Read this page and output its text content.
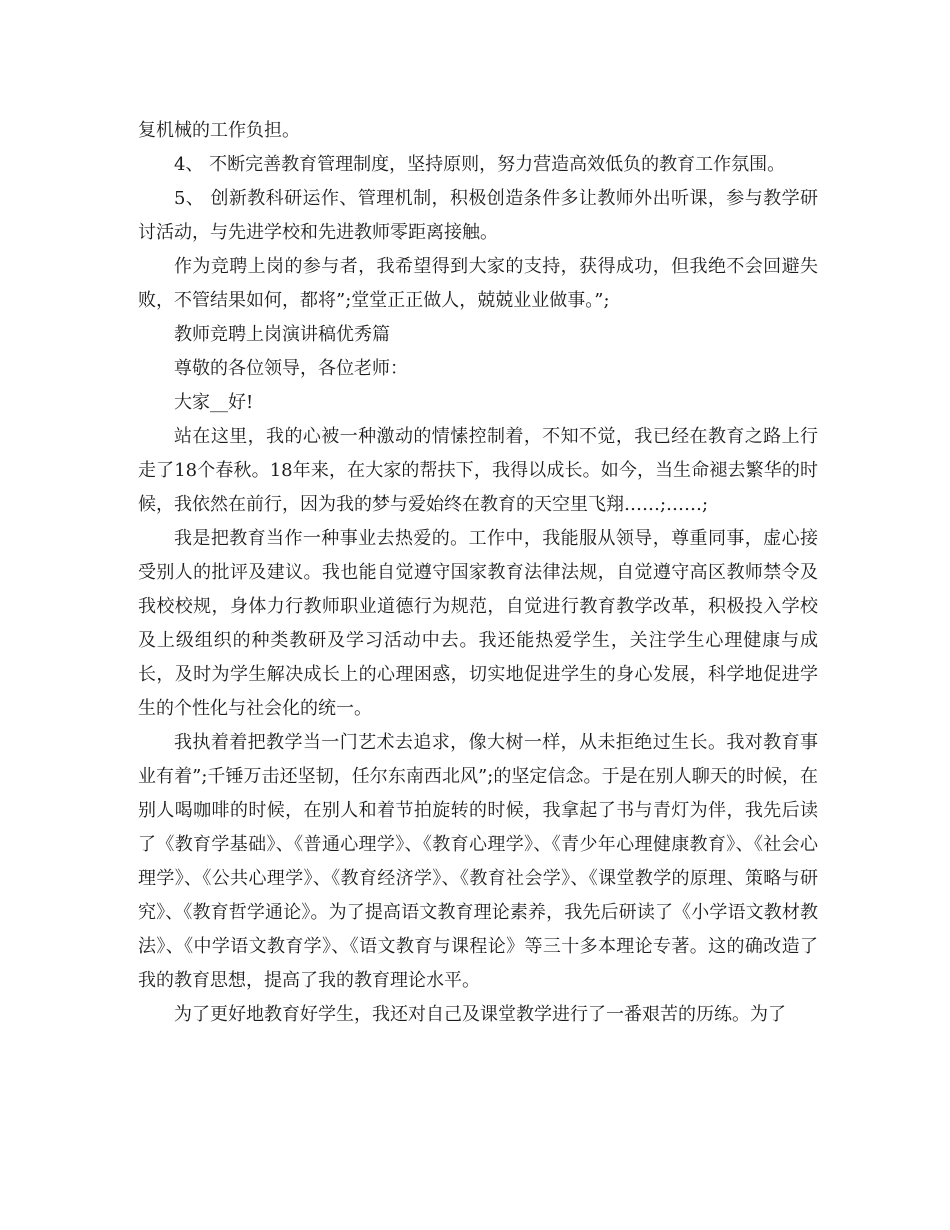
复机械的工作负担。

4、 不断完善教育管理制度，坚持原则，努力营造高效低负的教育工作氛围。

5、 创新教科研运作、管理机制，积极创造条件多让教师外出听课，参与教学研讨活动，与先进学校和先进教师零距离接触。

作为竞聘上岗的参与者，我希望得到大家的支持，获得成功，但我绝不会回避失败，不管结果如何，都将”;堂堂正正做人，兢兢业业做事。”;

教师竞聘上岗演讲稿优秀篇

尊敬的各位领导，各位老师：

大家__好!

站在这里，我的心被一种激动的情愫控制着，不知不觉，我已经在教育之路上行走了18个春秋。18年来，在大家的帮扶下，我得以成长。如今，当生命褪去繁华的时候，我依然在前行，因为我的梦与爱始终在教育的天空里飞翔……;……;

我是把教育当作一种事业去热爱的。工作中，我能服从领导，尊重同事，虚心接受别人的批评及建议。我也能自觉遵守国家教育法律法规，自觉遵守高区教师禁令及我校校规，身体力行教师职业道德行为规范，自觉进行教育教学改革，积极投入学校及上级组织的种类教研及学习活动中去。我还能热爱学生，关注学生心理健康与成长，及时为学生解决成长上的心理困惑，切实地促进学生的身心发展，科学地促进学生的个性化与社会化的统一。

我执着着把教学当一门艺术去追求，像大树一样，从未拒绝过生长。我对教育事业有着”;千锤万击还坚韧，任尔东南西北风”;的坚定信念。于是在别人聊天的时候，在别人喝咖啡的时候，在别人和着节拍旋转的时候，我拿起了书与青灯为伴，我先后读了《教育学基础》、《普通心理学》、《教育心理学》、《青少年心理健康教育》、《社会心理学》、《公共心理学》、《教育经济学》、《教育社会学》、《课堂教学的原理、策略与研究》、《教育哲学通论》。为了提高语文教育理论素养，我先后研读了《小学语文教材教法》、《中学语文教育学》、《语文教育与课程论》等三十多本理论专著。这的确改造了我的教育思想，提高了我的教育理论水平。

为了更好地教育好学生，我还对自己及课堂教学进行了一番艰苦的历练。为了
